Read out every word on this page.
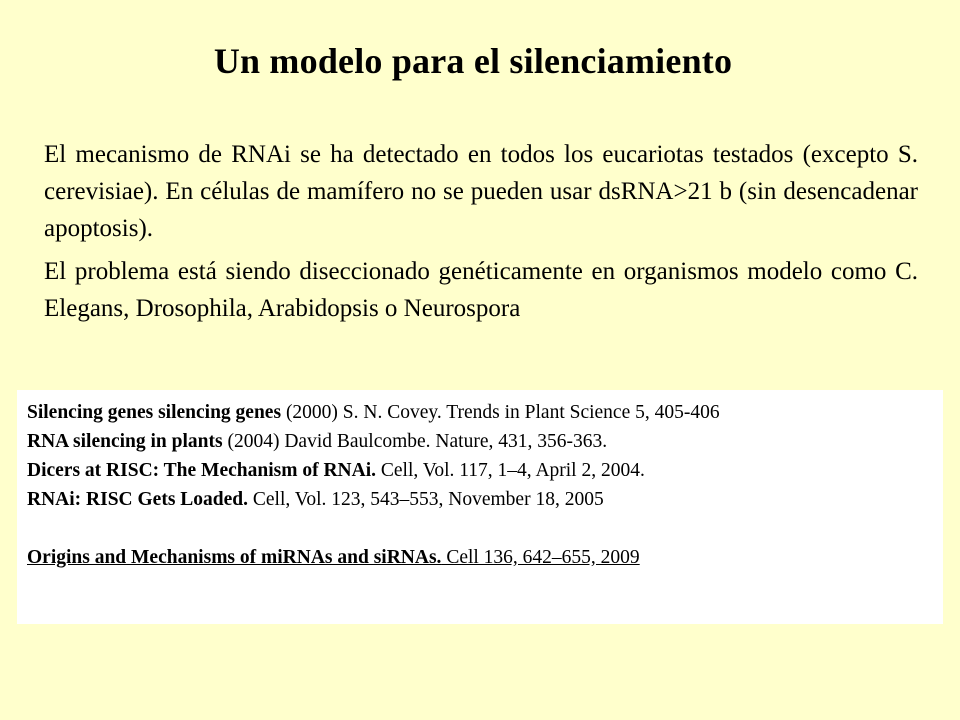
Un modelo para el silenciamiento

El mecanismo de RNAi se ha detectado en todos los eucariotas testados (excepto S. cerevisiae). En células de mamífero no se pueden usar dsRNA>21 b (sin desencadenar apoptosis).

El problema está siendo diseccionado genéticamente en organismos modelo como C. Elegans, Drosophila, Arabidopsis o Neurospora

Silencing genes silencing genes (2000) S. N. Covey. Trends in Plant Science 5, 405-406

RNA silencing in plants (2004) David Baulcombe. Nature, 431, 356-363.

Dicers at RISC: The Mechanism of RNAi. Cell, Vol. 117, 1–4, April 2, 2004.

RNAi: RISC Gets Loaded. Cell, Vol. 123, 543–553, November 18, 2005

Origins and Mechanisms of miRNAs and siRNAs. Cell 136, 642–655, 2009
